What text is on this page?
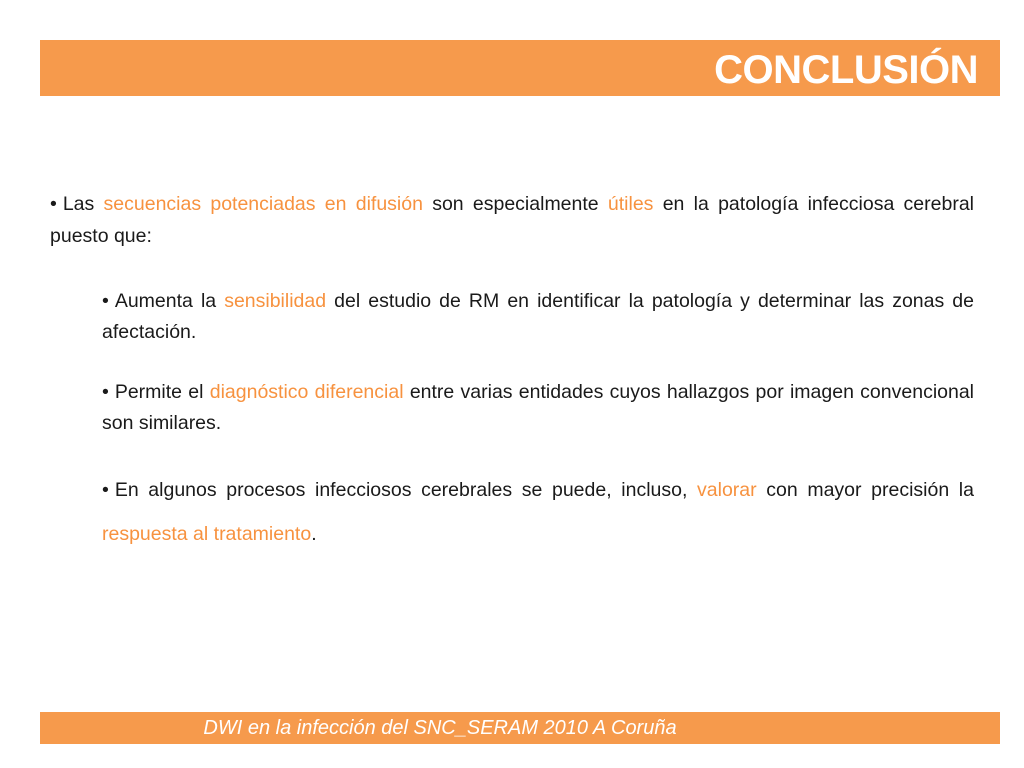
CONCLUSIÓN

• Las secuencias potenciadas en difusión son especialmente útiles en la patología infecciosa cerebral puesto que:

• Aumenta la sensibilidad del estudio de RM en identificar la patología y determinar las zonas de afectación.

• Permite el diagnóstico diferencial entre varias entidades cuyos hallazgos por imagen convencional son similares.

• En algunos procesos infecciosos cerebrales se puede, incluso, valorar con mayor precisión la respuesta al tratamiento.

DWI en la infección del SNC_SERAM 2010 A Coruña
